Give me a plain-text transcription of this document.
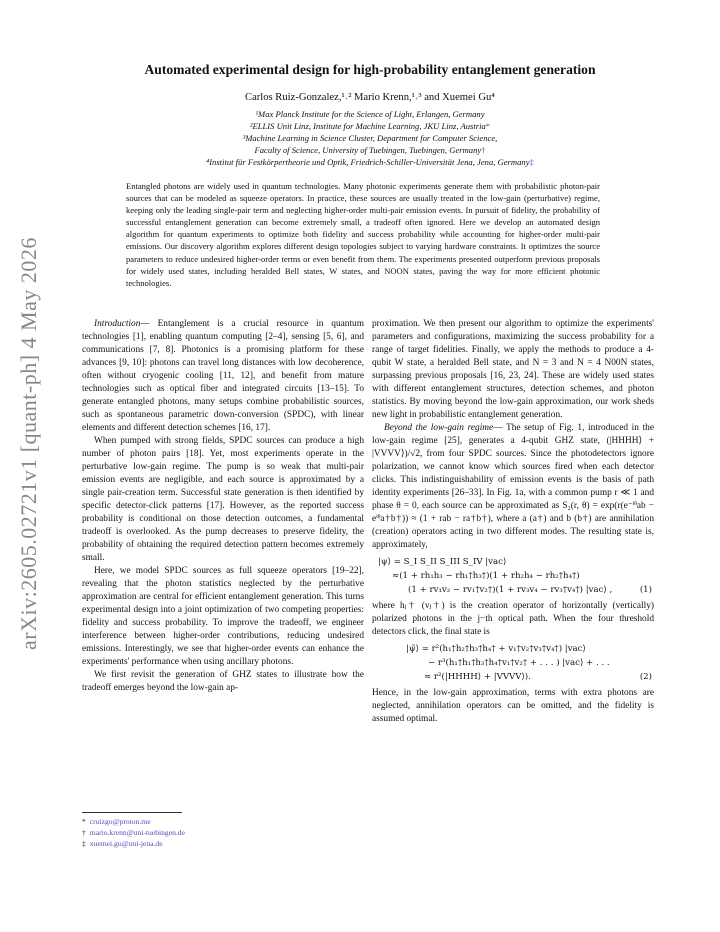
arXiv:2605.02721v1 [quant-ph] 4 May 2026
Automated experimental design for high-probability entanglement generation
Carlos Ruiz-Gonzalez,¹˒² Mario Krenn,¹˒³ and Xuemei Gu⁴
¹Max Planck Institute for the Science of Light, Erlangen, Germany
²ELLIS Unit Linz, Institute for Machine Learning, JKU Linz, Austria*
³Machine Learning in Science Cluster, Department for Computer Science,
Faculty of Science, University of Tuebingen, Tuebingen, Germany†
⁴Institut für Festkörpertheorie und Optik, Friedrich-Schiller-Universität Jena, Jena, Germany‡
Entangled photons are widely used in quantum technologies. Many photonic experiments generate them with probabilistic photon-pair sources that can be modeled as squeeze operators. In practice, these sources are usually treated in the low-gain (perturbative) regime, keeping only the leading single-pair term and neglecting higher-order multi-pair emission events. In pursuit of fidelity, the probability of successful entanglement generation can become extremely small, a tradeoff often ignored. Here we develop an automated design algorithm for quantum experiments to optimize both fidelity and success probability while accounting for higher-order multi-pair emissions. Our discovery algorithm explores different design topologies subject to varying hardware constraints. It optimizes the source parameters to reduce undesired higher-order terms or even benefit from them. The experiments presented outperform previous proposals for widely used states, including heralded Bell states, W states, and NOON states, paving the way for more efficient photonic technologies.

Introduction— Entanglement is a crucial resource in quantum technologies [1], enabling quantum computing [2–4], sensing [5, 6], and communications [7, 8]. Photonics is a promising platform for these advances [9, 10]: photons can travel long distances with low decoherence, often without cryogenic cooling [11, 12], and benefit from mature technologies such as optical fiber and integrated circuits [13–15]. To generate entangled photons, many setups combine probabilistic sources, such as spontaneous parametric down-conversion (SPDC), with linear elements and different detection schemes [16, 17].

When pumped with strong fields, SPDC sources can produce a high number of photon pairs [18]. Yet, most experiments operate in the perturbative low-gain regime. The pump is so weak that multi-pair emission events are negligible, and each source is approximated by a single pair-creation term. Successful state generation is then identified by specific detector-click patterns [17]. However, as the reported success probability is conditional on those detection outcomes, a fundamental tradeoff is overlooked. As the pump decreases to preserve fidelity, the probability of obtaining the required detection pattern becomes extremely small.

Here, we model SPDC sources as full squeeze operators [19–22], revealing that the photon statistics neglected by the perturbative approximation are central for efficient entanglement generation. This turns experimental design into a joint optimization of two competing properties: fidelity and success probability. To improve the tradeoff, we engineer interference between higher-order contributions, reducing undesired emissions. Interestingly, we see that higher-order events can enhance the experiments' performance when using ancillary photons.

We first revisit the generation of GHZ states to illustrate how the tradeoff emerges beyond the low-gain ap-

proximation. We then present our algorithm to optimize the experiments' parameters and configurations, maximizing the success probability for a range of target fidelities. Finally, we apply the methods to produce a 4-qubit W state, a heralded Bell state, and N = 3 and N = 4 N00N states, surpassing previous proposals [16, 23, 24]. These are widely used states with different entanglement structures, detection schemes, and photon statistics. By moving beyond the low-gain approximation, our work sheds new light in probabilistic entanglement generation.

Beyond the low-gain regime— The setup of Fig. 1, introduced in the low-gain regime [25], generates a 4-qubit GHZ state, (|HHHH⟩ + |VVVV⟩)/√2, from four SPDC sources. Since the photodetectors ignore polarization, we cannot know which sources fired when each detector clicks. This indistinguishability of emission events is the basis of path identity experiments [26–33]. In Fig. 1a, with a common pump r ≪ 1 and phase θ = 0, each source can be approximated as S₂(r, θ) = exp(r(e⁻ⁱᶿab − eⁱᶿa†b†)) ≈ (1 + rab − ra†b†), where a (a†) and b (b†) are annihilation (creation) operators acting in two different modes. The resulting state is, approximately,

|ψ⟩ = S_I S_II S_III S_IV |vac⟩
≈(1 + rh₁h₃ − rh₁†h₃†)(1 + rh₂h₄ − rh₂†h₄†)
(1 + rv₁v₂ − rv₁†v₂†)(1 + rv₃v₄ − rv₃†v₄†) |vac⟩ ,	(1)

where hⱼ† (vⱼ†) is the creation operator of horizontally (vertically) polarized photons in the j−th optical path. When the four threshold detectors click, the final state is

|ψ̃⟩ = r²(h₁†h₂†h₃†h₄† + v₁†v₂†v₃†v₄†) |vac⟩
− r³(h₁†h₁†h₃†h₄†v₁†v₂† + . . . ) |vac⟩ + . . .
≈ r²(|HHHH⟩ + |VVVV⟩).	(2)

Hence, in the low-gain approximation, terms with extra photons are neglected, annihilation operators can be omitted, and the fidelity is assumed optimal.

* cruizgo@proton.me
† mario.krenn@uni-tuebingen.de
‡ xuemei.gu@uni-jena.de
